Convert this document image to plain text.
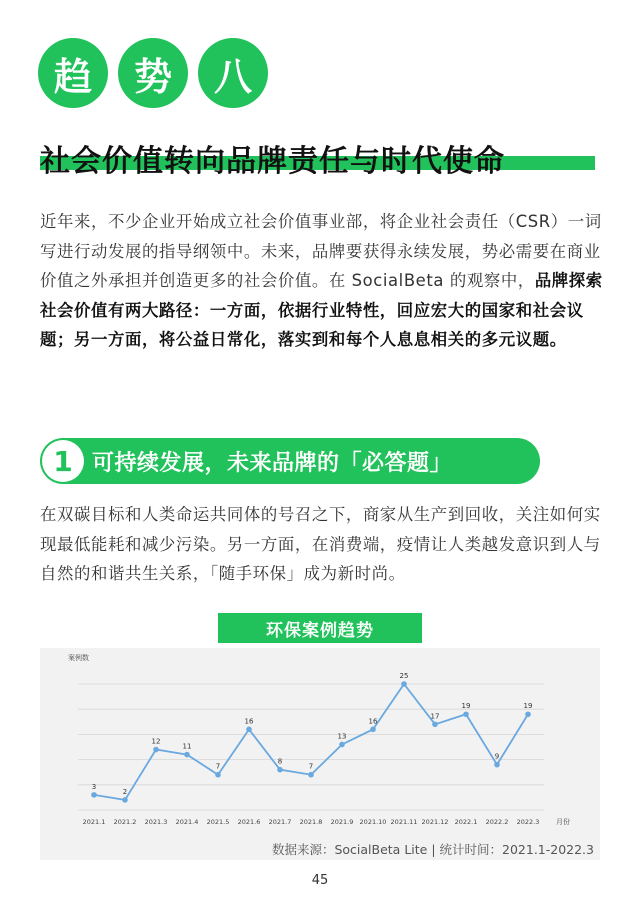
趋	势	八
社会价值转向品牌责任与时代使命
近年来，不少企业开始成立社会价值事业部，将企业社会责任（CSR）一词写进行动发展的指导纲领中。未来，品牌要获得永续发展，势必需要在商业价值之外承担并创造更多的社会价值。在 SocialBeta 的观察中，品牌探索社会价值有两大路径：一方面，依据行业特性，回应宏大的国家和社会议题；另一方面，将公益日常化，落实到和每个人息息相关的多元议题。
1 可持续发展，未来品牌的「必答题」
在双碳目标和人类命运共同体的号召之下，商家从生产到回收，关注如何实现最低能耗和减少污染。另一方面，在消费端，疫情让人类越发意识到人与自然的和谐共生关系，「随手环保」成为新时尚。
环保案例趋势
案例数
月份
3
2021.1
2
2021.2
12
2021.3
11
2021.4
7
2021.5
16
2021.6
8
2021.7
7
2021.8
13
2021.9
16
2021.10
25
2021.11
17
2021.12
19
2022.1
9
2022.2
19
2022.3
数据来源：SocialBeta Lite | 统计时间：2021.1-2022.3
45
